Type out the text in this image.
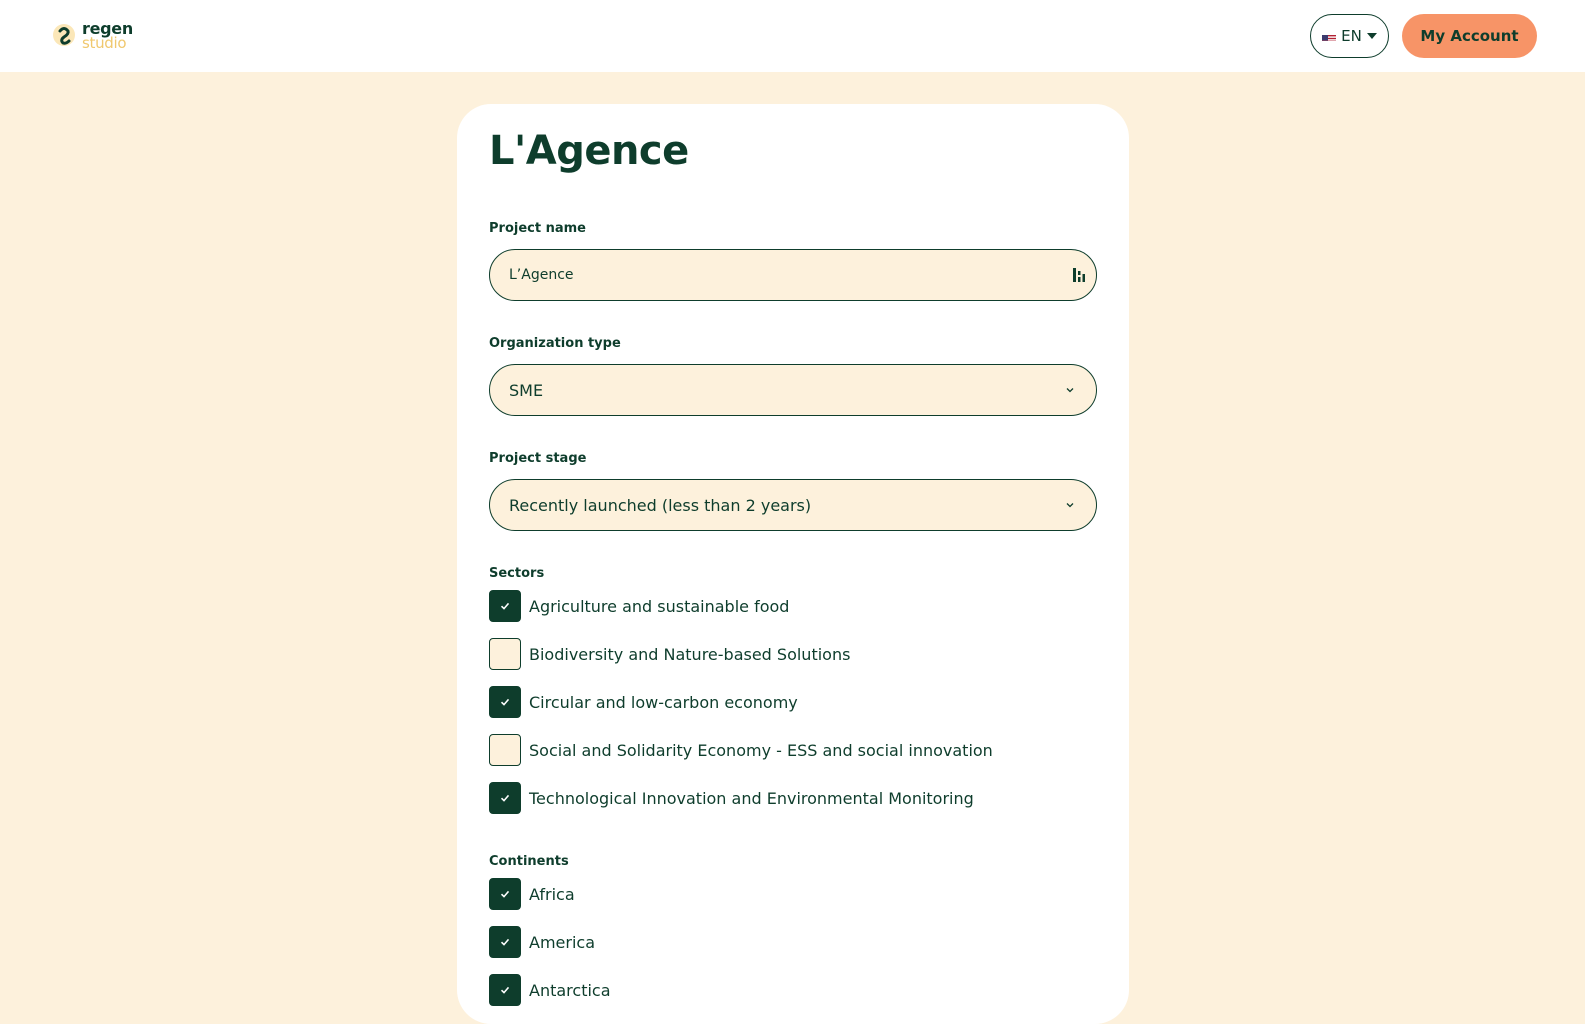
regen
studio	EN	My Account
L'Agence
Project name
L’Agence
Organization type
SME
Project stage
Recently launched (less than 2 years)
Sectors
Agriculture and sustainable food
Biodiversity and Nature-based Solutions
Circular and low-carbon economy
Social and Solidarity Economy - ESS and social innovation
Technological Innovation and Environmental Monitoring
Continents
Africa
America
Antarctica
